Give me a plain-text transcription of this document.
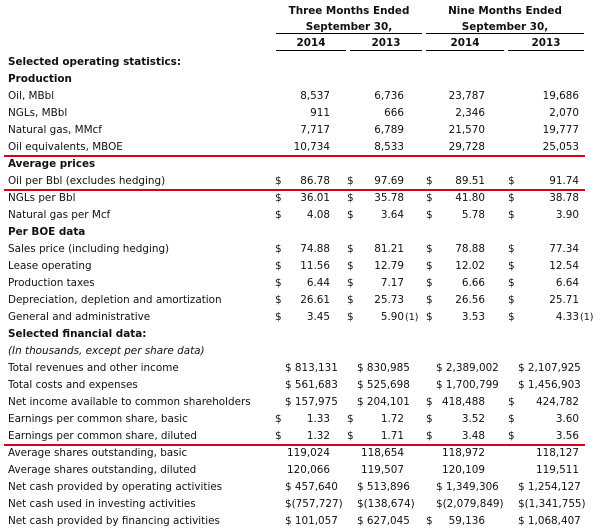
Three Months Ended
September 30,
Nine Months Ended
September 30,
2014	2013	2014	2013
Selected operating statistics:
Production
Oil, MBbl	8,537	6,736	23,787	19,686
NGLs, MBbl	911	666	2,346	2,070
Natural gas, MMcf	7,717	6,789	21,570	19,777
Oil equivalents, MBOE	10,734	8,533	29,728	25,053
Average prices
Oil per Bbl (excludes hedging)	$	86.78 $	97.69 $	89.51 $	91.74
NGLs per Bbl	$	36.01 $	35.78 $	41.80 $	38.78
Natural gas per Mcf	$	4.08 $	3.64 $	5.78 $	3.90
Per BOE data
Sales price (including hedging)	$	74.88 $	81.21 $	78.88 $	77.34
Lease operating	$	11.56 $	12.79 $	12.02 $	12.54
Production taxes	$	6.44 $	7.17 $	6.66 $	6.64
Depreciation, depletion and amortization	$	26.61 $	25.73 $	26.56 $	25.71
General and administrative	$	3.45 $	5.90 (1) $	3.53 $	4.33 (1)
Selected financial data:
(In thousands, except per share data)
Total revenues and other income	$ 813,131 $ 830,985	$ 2,389,002 $ 2,107,925
Total costs and expenses	$ 561,683 $ 525,698	$ 1,700,799 $ 1,456,903
Net income available to common shareholders	$ 157,975 $ 204,101 $ 418,488 $	424,782
Earnings per common share, basic	$	1.33 $	1.72 $	3.52 $	3.60
Earnings per common share, diluted	$	1.32 $	1.71 $	3.48 $	3.56
Average shares outstanding, basic	119,024	118,654	118,972	118,127
Average shares outstanding, diluted	120,066	119,507	120,109	119,511
Net cash provided by operating activities	$ 457,640 $ 513,896	$ 1,349,306 $ 1,254,127
Net cash used in investing activities	$(757,727) $(138,674) $(2,079,849) $(1,341,755)
Net cash provided by financing activities	$ 101,057 $ 627,045 $	59,136	$ 1,068,407
